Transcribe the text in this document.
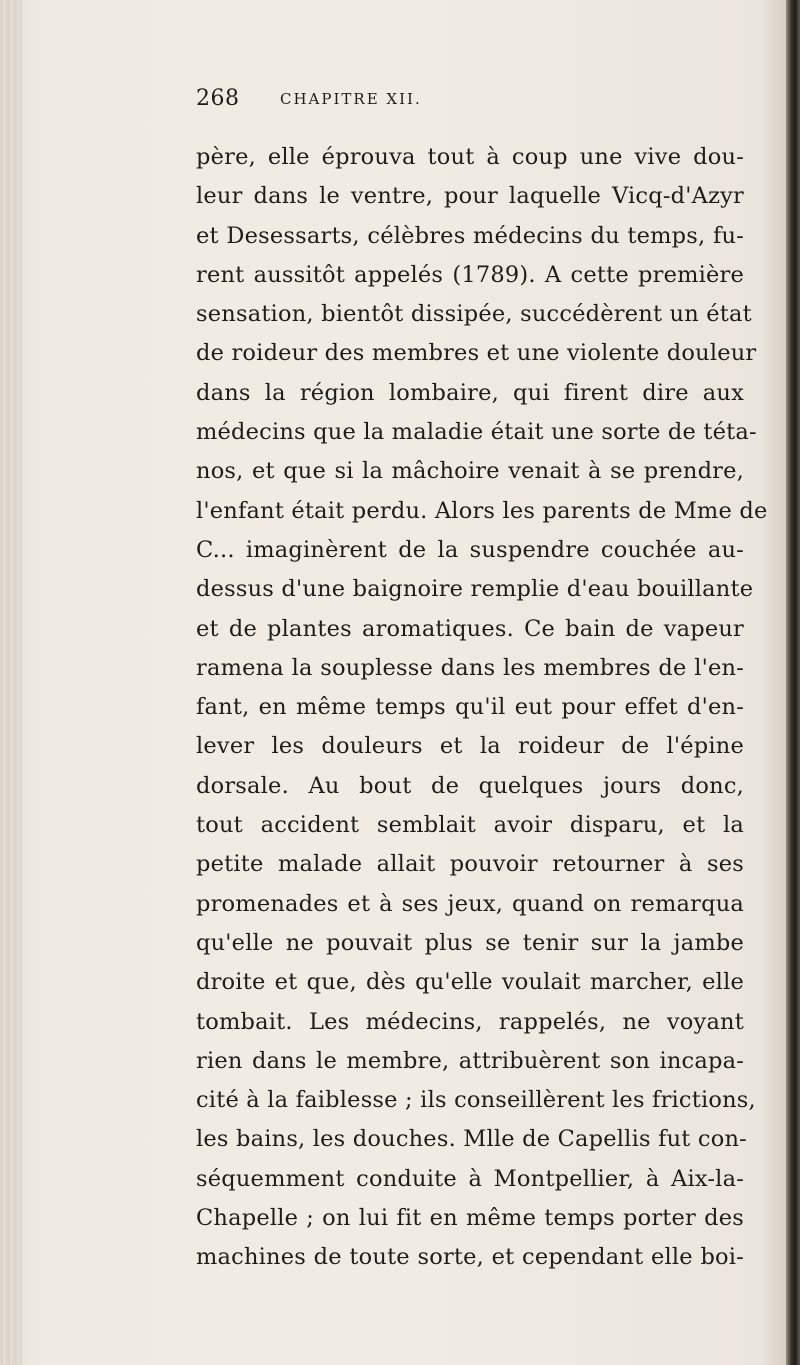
268	CHAPITRE XII.
père, elle éprouva tout à coup une vive dou-
leur dans le ventre, pour laquelle Vicq-d'Azyr
et Desessarts, célèbres médecins du temps, fu-
rent aussitôt appelés (1789). A cette première
sensation, bientôt dissipée, succédèrent un état
de roideur des membres et une violente douleur
dans la région lombaire, qui firent dire aux
médecins que la maladie était une sorte de téta-
nos, et que si la mâchoire venait à se prendre,
l'enfant était perdu. Alors les parents de Mme de
C... imaginèrent de la suspendre couchée au-
dessus d'une baignoire remplie d'eau bouillante
et de plantes aromatiques. Ce bain de vapeur
ramena la souplesse dans les membres de l'en-
fant, en même temps qu'il eut pour effet d'en-
lever les douleurs et la roideur de l'épine
dorsale. Au bout de quelques jours donc,
tout accident semblait avoir disparu, et la
petite malade allait pouvoir retourner à ses
promenades et à ses jeux, quand on remarqua
qu'elle ne pouvait plus se tenir sur la jambe
droite et que, dès qu'elle voulait marcher, elle
tombait. Les médecins, rappelés, ne voyant
rien dans le membre, attribuèrent son incapa-
cité à la faiblesse ; ils conseillèrent les frictions,
les bains, les douches. Mlle de Capellis fut con-
séquemment conduite à Montpellier, à Aix-la-
Chapelle ; on lui fit en même temps porter des
machines de toute sorte, et cependant elle boi-
